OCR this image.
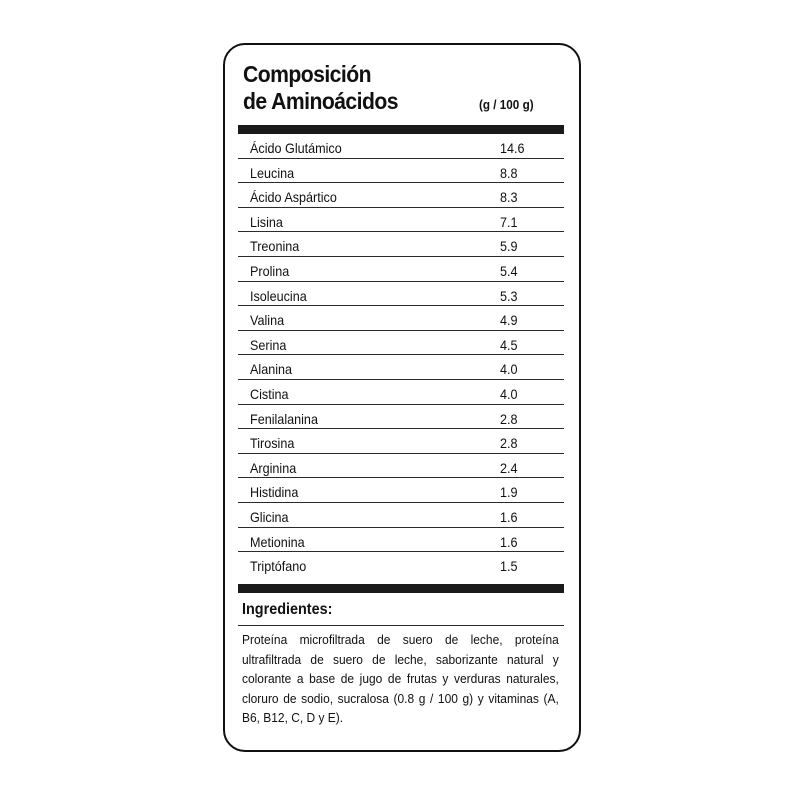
Composición
de Aminoácidos	(g / 100 g)
Ácido Glutámico	14.6
Leucina	8.8
Ácido Aspártico	8.3
Lisina	7.1
Treonina	5.9
Prolina	5.4
Isoleucina	5.3
Valina	4.9
Serina	4.5
Alanina	4.0
Cistina	4.0
Fenilalanina	2.8
Tirosina	2.8
Arginina	2.4
Histidina	1.9
Glicina	1.6
Metionina	1.6
Triptófano	1.5
Ingredientes:
Proteína microfiltrada de suero de leche, proteína ultrafiltrada de suero de leche, saborizante natural y colorante a base de jugo de frutas y verduras naturales, cloruro de sodio, sucralosa (0.8 g / 100 g) y vitaminas (A, B6, B12, C, D y E).
